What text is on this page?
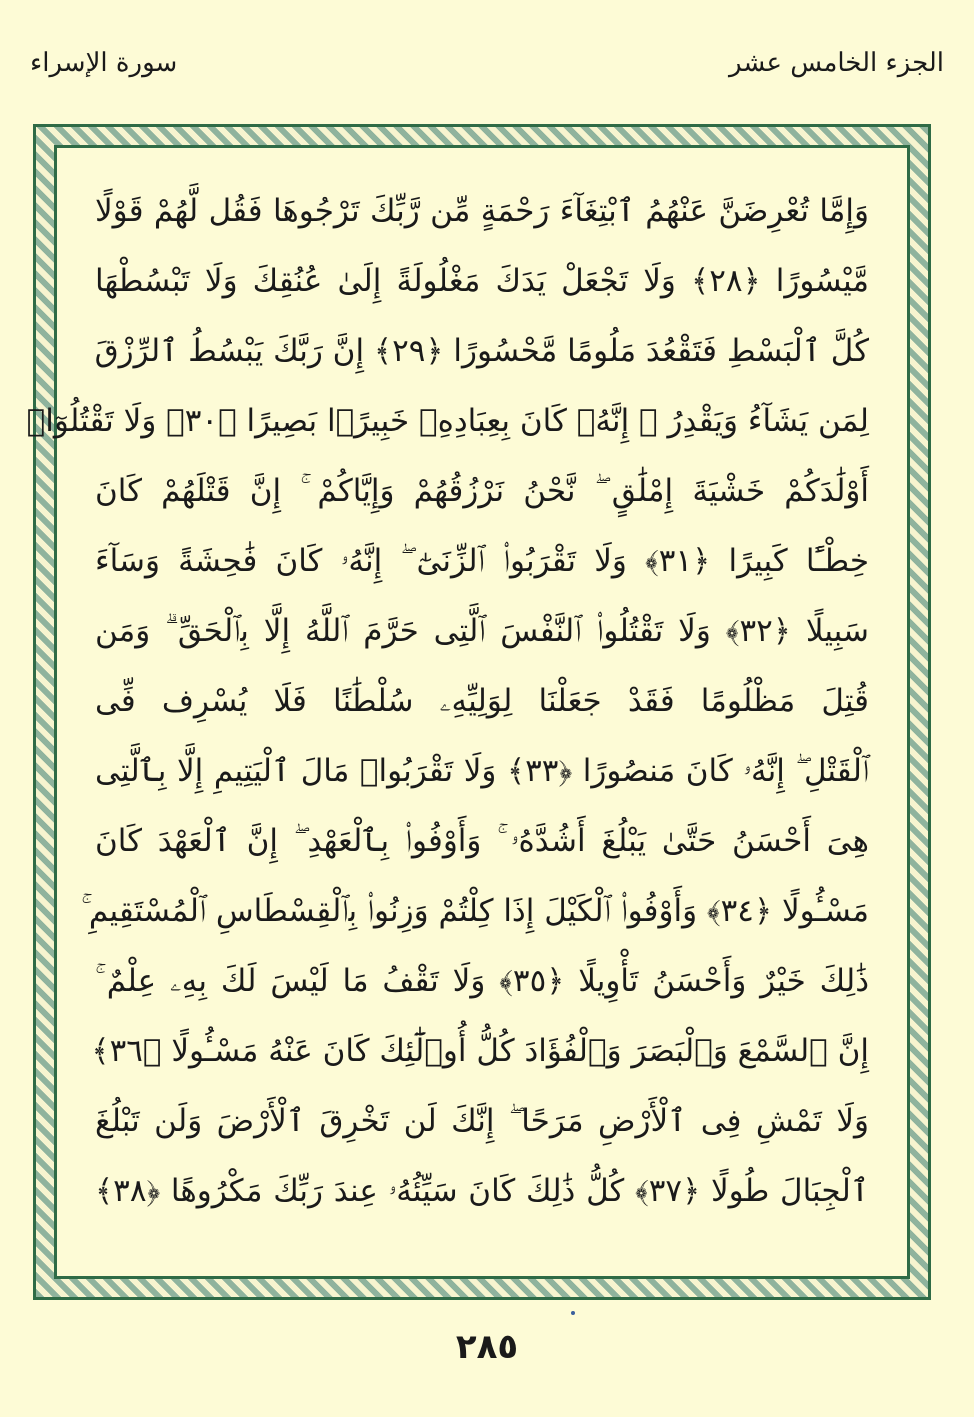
سورة الإسراء	الجزء الخامس عشر
وَإِمَّا تُعْرِضَنَّ عَنْهُمُ ٱبْتِغَآءَ رَحْمَةٍ مِّن رَّبِّكَ تَرْجُوهَا فَقُل لَّهُمْ قَوْلًا
مَّيْسُورًا ﴿٢٨﴾ وَلَا تَجْعَلْ يَدَكَ مَغْلُولَةً إِلَىٰ عُنُقِكَ وَلَا تَبْسُطْهَا
كُلَّ ٱلْبَسْطِ فَتَقْعُدَ مَلُومًا مَّحْسُورًا ﴿٢٩﴾ إِنَّ رَبَّكَ يَبْسُطُ ٱلرِّزْقَ
لِمَن يَشَآءُ وَيَقْدِرُ ۚ إِنَّهُۥ كَانَ بِعِبَادِهِۦ خَبِيرًۢا بَصِيرًا ﴿٣٠﴾ وَلَا تَقْتُلُوٓا۟
أَوْلَٰدَكُمْ خَشْيَةَ إِمْلَٰقٍ ۖ نَّحْنُ نَرْزُقُهُمْ وَإِيَّاكُمْ ۚ إِنَّ قَتْلَهُمْ كَانَ
خِطْـًٔا كَبِيرًا ﴿٣١﴾ وَلَا تَقْرَبُوا۟ ٱلزِّنَىٰٓ ۖ إِنَّهُۥ كَانَ فَٰحِشَةً وَسَآءَ
سَبِيلًا ﴿٣٢﴾ وَلَا تَقْتُلُوا۟ ٱلنَّفْسَ ٱلَّتِى حَرَّمَ ٱللَّهُ إِلَّا بِٱلْحَقِّ ۗ وَمَن
قُتِلَ مَظْلُومًا فَقَدْ جَعَلْنَا لِوَلِيِّهِۦ سُلْطَٰنًا فَلَا يُسْرِف فِّى
ٱلْقَتْلِ ۖ إِنَّهُۥ كَانَ مَنصُورًا ﴿٣٣﴾ وَلَا تَقْرَبُوا۟ مَالَ ٱلْيَتِيمِ إِلَّا بِٱلَّتِى
هِىَ أَحْسَنُ حَتَّىٰ يَبْلُغَ أَشُدَّهُۥ ۚ وَأَوْفُوا۟ بِٱلْعَهْدِ ۖ إِنَّ ٱلْعَهْدَ كَانَ
مَسْـُٔولًا ﴿٣٤﴾ وَأَوْفُوا۟ ٱلْكَيْلَ إِذَا كِلْتُمْ وَزِنُوا۟ بِٱلْقِسْطَاسِ ٱلْمُسْتَقِيمِ ۚ
ذَٰلِكَ خَيْرٌ وَأَحْسَنُ تَأْوِيلًا ﴿٣٥﴾ وَلَا تَقْفُ مَا لَيْسَ لَكَ بِهِۦ عِلْمٌ ۚ
إِنَّ ٱلسَّمْعَ وَٱلْبَصَرَ وَٱلْفُؤَادَ كُلُّ أُو۟لَٰٓئِكَ كَانَ عَنْهُ مَسْـُٔولًا ﴿٣٦﴾
وَلَا تَمْشِ فِى ٱلْأَرْضِ مَرَحًا ۖ إِنَّكَ لَن تَخْرِقَ ٱلْأَرْضَ وَلَن تَبْلُغَ
ٱلْجِبَالَ طُولًا ﴿٣٧﴾ كُلُّ ذَٰلِكَ كَانَ سَيِّئُهُۥ عِندَ رَبِّكَ مَكْرُوهًا ﴿٣٨﴾
٢٨٥
